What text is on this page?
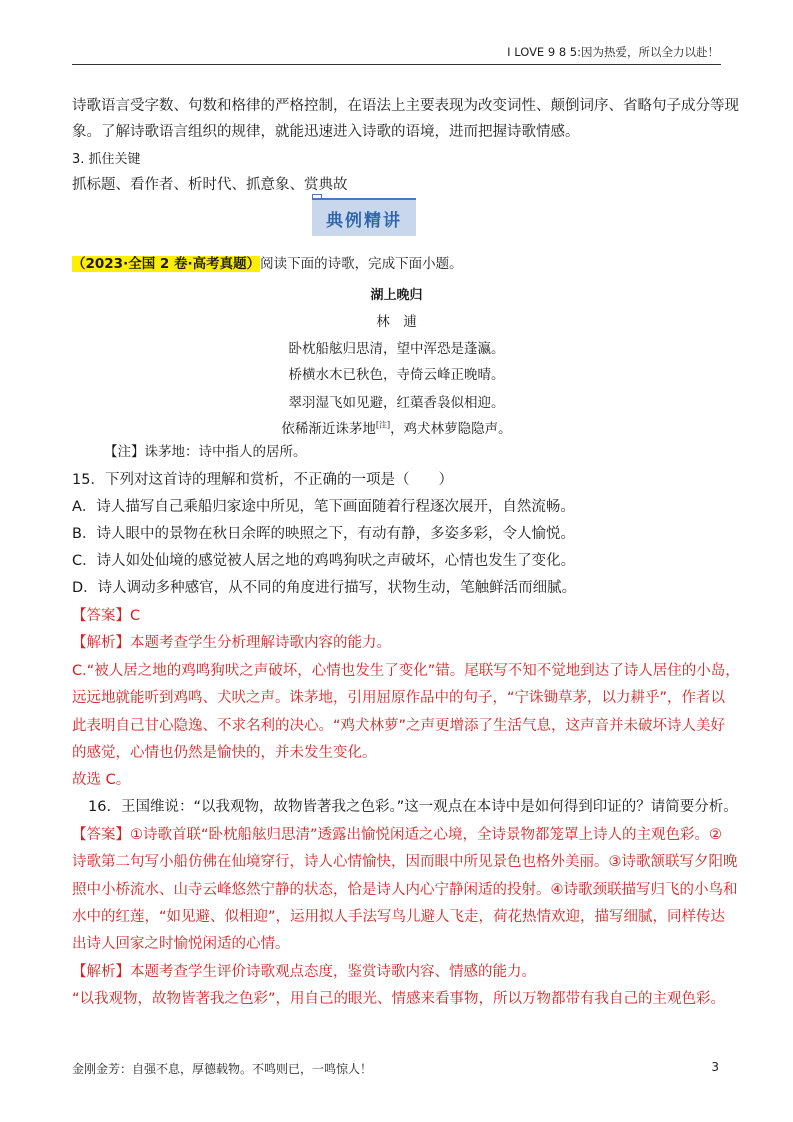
I LOVE 9 8 5:因为热爱，所以全力以赴！
诗歌语言受字数、句数和格律的严格控制，在语法上主要表现为改变词性、颠倒词序、省略句子成分等现
象。了解诗歌语言组织的规律，就能迅速进入诗歌的语境，进而把握诗歌情感。
3. 抓住关键
抓标题、看作者、析时代、抓意象、赏典故
典例精讲
（2023·全国 2 卷·高考真题）阅读下面的诗歌，完成下面小题。
湖上晚归
林　逋
卧枕船舷归思清，望中浑恐是蓬瀛。
桥横水木已秋色，寺倚云峰正晚晴。
翠羽湿飞如见避，红蕖香袅似相迎。
依稀渐近诛茅地[注]，鸡犬林萝隐隐声。
【注】诛茅地：诗中指人的居所。
15．下列对这首诗的理解和赏析，不正确的一项是（　　）
A．诗人描写自己乘船归家途中所见，笔下画面随着行程逐次展开，自然流畅。
B．诗人眼中的景物在秋日余晖的映照之下，有动有静，多姿多彩，令人愉悦。
C．诗人如处仙境的感觉被人居之地的鸡鸣狗吠之声破坏，心情也发生了变化。
D．诗人调动多种感官，从不同的角度进行描写，状物生动，笔触鲜活而细腻。
【答案】C
【解析】本题考查学生分析理解诗歌内容的能力。
C.“被人居之地的鸡鸣狗吠之声破坏，心情也发生了变化”错。尾联写不知不觉地到达了诗人居住的小岛，
远远地就能听到鸡鸣、犬吠之声。诛茅地，引用屈原作品中的句子，“宁诛锄草茅，以力耕乎”，作者以
此表明自己甘心隐逸、不求名利的决心。“鸡犬林萝”之声更增添了生活气息，这声音并未破坏诗人美好
的感觉，心情也仍然是愉快的，并未发生变化。
故选 C。
16．王国维说：“以我观物，故物皆著我之色彩。”这一观点在本诗中是如何得到印证的？请简要分析。
【答案】①诗歌首联“卧枕船舷归思清”透露出愉悦闲适之心境，全诗景物都笼罩上诗人的主观色彩。②
诗歌第二句写小船仿佛在仙境穿行，诗人心情愉快，因而眼中所见景色也格外美丽。③诗歌颔联写夕阳晚
照中小桥流水、山寺云峰悠然宁静的状态，恰是诗人内心宁静闲适的投射。④诗歌颈联描写归飞的小鸟和
水中的红莲，“如见避、似相迎”，运用拟人手法写鸟儿避人飞走，荷花热情欢迎，描写细腻，同样传达
出诗人回家之时愉悦闲适的心情。
【解析】本题考查学生评价诗歌观点态度，鉴赏诗歌内容、情感的能力。
“以我观物，故物皆著我之色彩”，用自己的眼光、情感来看事物，所以万物都带有我自己的主观色彩。
金刚金芳：自强不息，厚德载物。不鸣则已，一鸣惊人！	3
